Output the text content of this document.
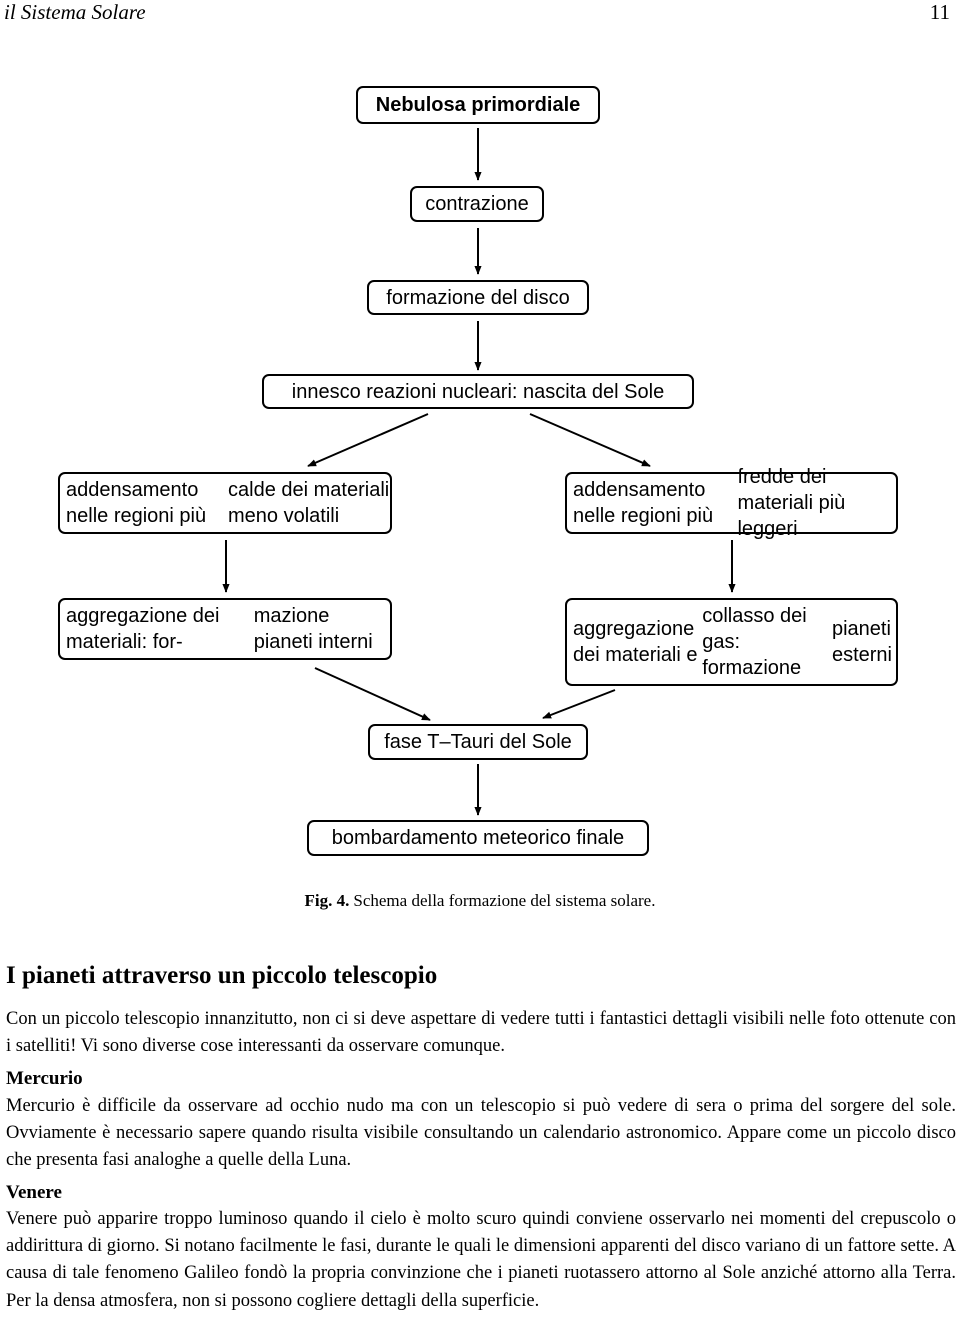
il Sistema Solare	11
Nebulosa primordiale
contrazione
formazione del disco
innesco reazioni nucleari: nascita del Sole
addensamento nelle regioni più
calde dei materiali meno volatili
addensamento nelle regioni più
fredde dei materiali più leggeri
aggregazione dei materiali: for-
mazione pianeti interni
aggregazione dei materiali e
collasso dei gas: formazione
pianeti esterni
fase T–Tauri del Sole
bombardamento meteorico finale
Fig. 4. Schema della formazione del sistema solare.
I pianeti attraverso un piccolo telescopio
Con un piccolo telescopio innanzitutto, non ci si deve aspettare di vedere tutti i fantastici dettagli visibili nelle foto ottenute con i satelliti! Vi sono diverse cose interessanti da osservare comunque.
Mercurio
Mercurio è difficile da osservare ad occhio nudo ma con un telescopio si può vedere di sera o prima del sorgere del sole. Ovviamente è necessario sapere quando risulta visibile consultando un calendario astronomico. Appare come un piccolo disco che presenta fasi analoghe a quelle della Luna.
Venere
Venere può apparire troppo luminoso quando il cielo è molto scuro quindi conviene osservarlo nei momenti del crepuscolo o addirittura di giorno. Si notano facilmente le fasi, durante le quali le dimensioni apparenti del disco variano di un fattore sette. A causa di tale fenomeno Galileo fondò la propria convinzione che i pianeti ruotassero attorno al Sole anziché attorno alla Terra. Per la densa atmosfera, non si possono cogliere dettagli della superficie.
